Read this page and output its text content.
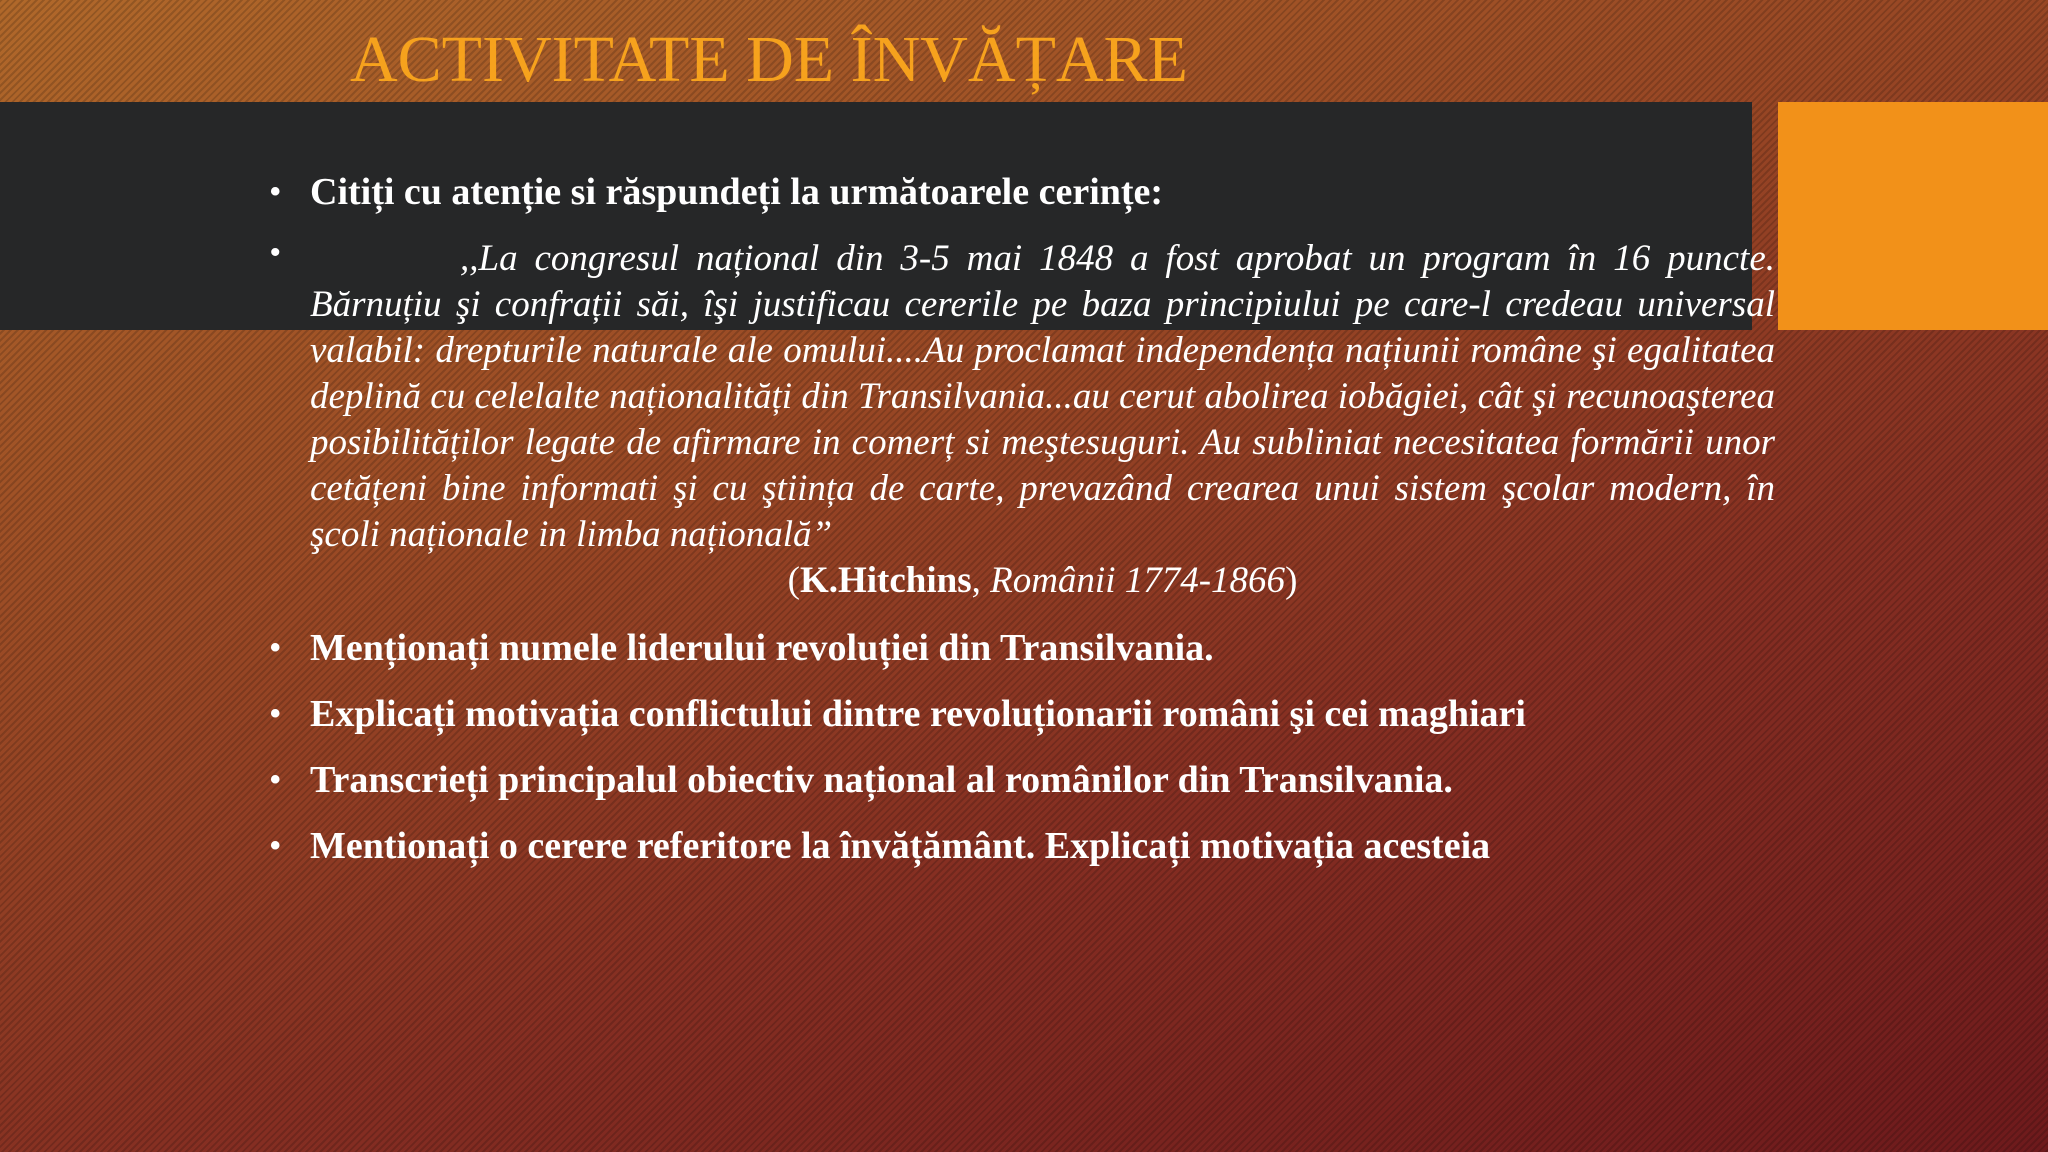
ACTIVITATE DE ÎNVĂȚARE
• Citiți cu atenție si răspundeți la următoarele cerințe:
•	,,La congresul național din 3-5 mai 1848 a fost aprobat un program în 16 puncte. Bărnuțiu şi confrații săi, îşi justificau cererile pe baza principiului pe care-l credeau universal valabil: drepturile naturale ale omului....Au proclamat independența națiunii române şi egalitatea deplină cu celelalte naționalități din Transilvania...au cerut abolirea iobăgiei, cât şi recunoaşterea posibilităților legate de afirmare in comerț si meştesuguri. Au subliniat necesitatea formării unor cetățeni bine informati şi cu ştiința de carte, prevazând crearea unui sistem şcolar modern, în şcoli naționale in limba națională”

(K.Hitchins, Românii 1774-1866)

• Menționați numele liderului revoluției din Transilvania.
• Explicați motivația conflictului dintre revoluționarii români şi cei maghiari
• Transcrieți principalul obiectiv național al românilor din Transilvania.
• Mentionați o cerere referitore la învățământ. Explicați motivația acesteia
